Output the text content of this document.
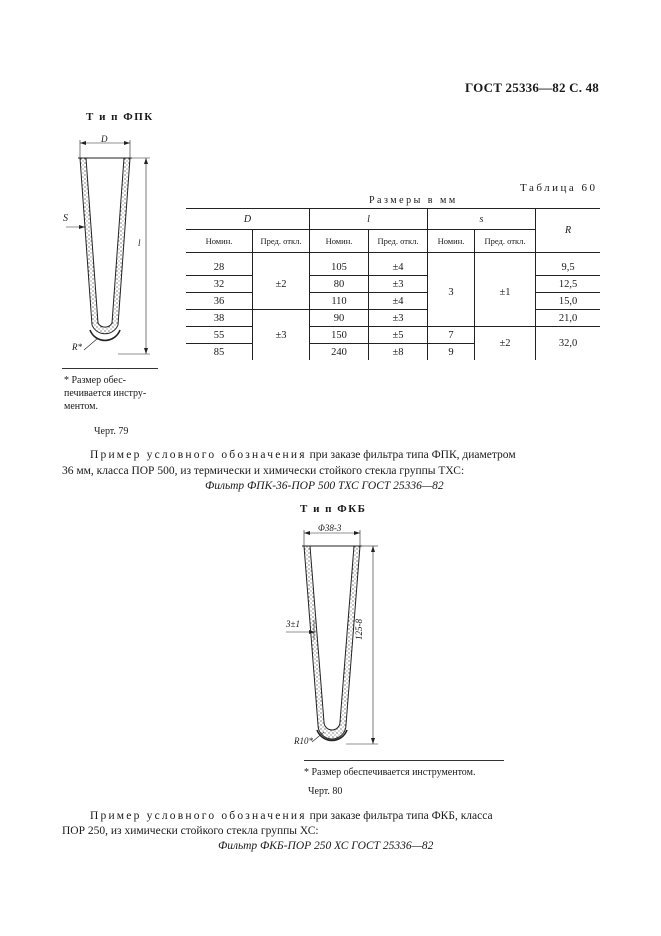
ГОСТ 25336—82 С. 48
Т и п ФПК
D
S
l
R*
* Размер обес-
печивается инстру-
ментом.
Черт. 79
Таблица 60
Размеры в мм
D		l		s		R
Номин.	Пред. откл.	Номин.	Пред. откл.	Номин.	Пред. откл.	

28	±2	105	±4	3	±1	9,5
32		80	±3			12,5
36		110	±4			15,0
38	±3	90	±3			21,0
55		150	±5	7	±2	32,0
85		240	±8	9		
Пример условного обозначения при заказе фильтра типа ФПК, диаметром
36 мм, класса ПОР 500, из термически и химически стойкого стекла группы ТХС:
Фильтр ФПК-36-ПОР 500 ТХС ГОСТ 25336—82
Т и п ФКБ
Φ38-3
3±1	125-8
R10*
* Размер обеспечивается инструментом.
Черт. 80
Пример условного обозначения при заказе фильтра типа ФКБ, класса
ПОР 250, из химически стойкого стекла группы ХС:
Фильтр ФКБ-ПОР 250 ХС ГОСТ 25336—82
